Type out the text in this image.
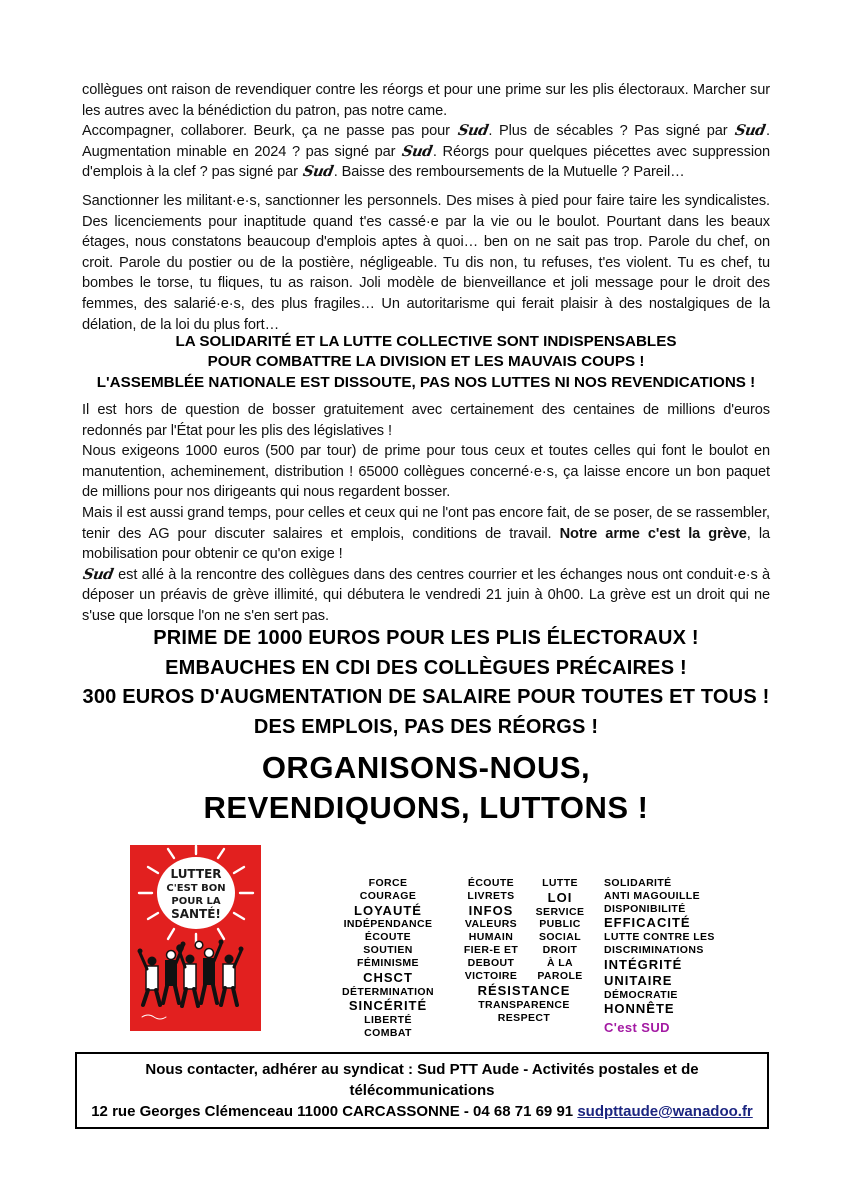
collègues ont raison de revendiquer contre les réorgs et pour une prime sur les plis électoraux. Marcher sur les autres avec la bénédiction du patron, pas notre came.
Accompagner, collaborer. Beurk, ça ne passe pas pour Sud. Plus de sécables ? Pas signé par Sud. Augmentation minable en 2024 ? pas signé par Sud. Réorgs pour quelques piécettes avec suppression d'emplois à la clef ? pas signé par Sud. Baisse des remboursements de la Mutuelle ? Pareil…
Sanctionner les militant·e·s, sanctionner les personnels. Des mises à pied pour faire taire les syndicalistes. Des licenciements pour inaptitude quand t'es cassé·e par la vie ou le boulot. Pourtant dans les beaux étages, nous constatons beaucoup d'emplois aptes à quoi… ben on ne sait pas trop. Parole du chef, on croit. Parole du postier ou de la postière, négligeable. Tu dis non, tu refuses, t'es violent. Tu es chef, tu bombes le torse, tu fliques, tu as raison. Joli modèle de bienveillance et joli message pour le droit des femmes, des salarié·e·s, des plus fragiles… Un autoritarisme qui ferait plaisir à des nostalgiques de la délation, de la loi du plus fort…
LA SOLIDARITÉ ET LA LUTTE COLLECTIVE SONT INDISPENSABLES
POUR COMBATTRE LA DIVISION ET LES MAUVAIS COUPS !
L'ASSEMBLÉE NATIONALE EST DISSOUTE, PAS NOS LUTTES NI NOS REVENDICATIONS !
Il est hors de question de bosser gratuitement avec certainement des centaines de millions d'euros redonnés par l'État pour les plis des législatives !
Nous exigeons 1000 euros (500 par tour) de prime pour tous ceux et toutes celles qui font le boulot en manutention, acheminement, distribution ! 65000 collègues concerné·e·s, ça laisse encore un bon paquet de millions pour nos dirigeants qui nous regardent bosser.
Mais il est aussi grand temps, pour celles et ceux qui ne l'ont pas encore fait, de se poser, de se rassembler, tenir des AG pour discuter salaires et emplois, conditions de travail. Notre arme c'est la grève, la mobilisation pour obtenir ce qu'on exige !
Sud est allé à la rencontre des collègues dans des centres courrier et les échanges nous ont conduit·e·s à déposer un préavis de grève illimité, qui débutera le vendredi 21 juin à 0h00. La grève est un droit qui ne s'use que lorsque l'on ne s'en sert pas.
PRIME DE 1000 EUROS POUR LES PLIS ÉLECTORAUX !
EMBAUCHES EN CDI DES COLLÈGUES PRÉCAIRES !
300 EUROS D'AUGMENTATION DE SALAIRE POUR TOUTES ET TOUS !
DES EMPLOIS, PAS DES RÉORGS !
ORGANISONS-NOUS,
REVENDIQUONS, LUTTONS !
LUTTER
C'EST BON
POUR LA
SANTÉ!
FORCE
COURAGE
LOYAUTÉ
INDÉPENDANCE
ÉCOUTE
SOUTIEN
FÉMINISME
CHSCT
DÉTERMINATION
SINCÉRITÉ
LIBERTÉ
COMBAT
ÉCOUTE
LIVRETS
INFOS
VALEURS
HUMAIN
FIER-E ET
DEBOUT
VICTOIRE
LUTTE
LOI
SERVICE
PUBLIC
SOCIAL
DROIT
À LA
PAROLE
RÉSISTANCE
TRANSPARENCE
RESPECT
SOLIDARITÉ
ANTI MAGOUILLE
DISPONIBILITÉ
EFFICACITÉ
LUTTE CONTRE LES
DISCRIMINATIONS
INTÉGRITÉ
UNITAIRE
DÉMOCRATIE
HONNÊTE
C'est SUD
Nous contacter, adhérer au syndicat : Sud PTT Aude - Activités postales et de télécommunications
12 rue Georges Clémenceau 11000 CARCASSONNE - 04 68 71 69 91 sudpttaude@wanadoo.fr
